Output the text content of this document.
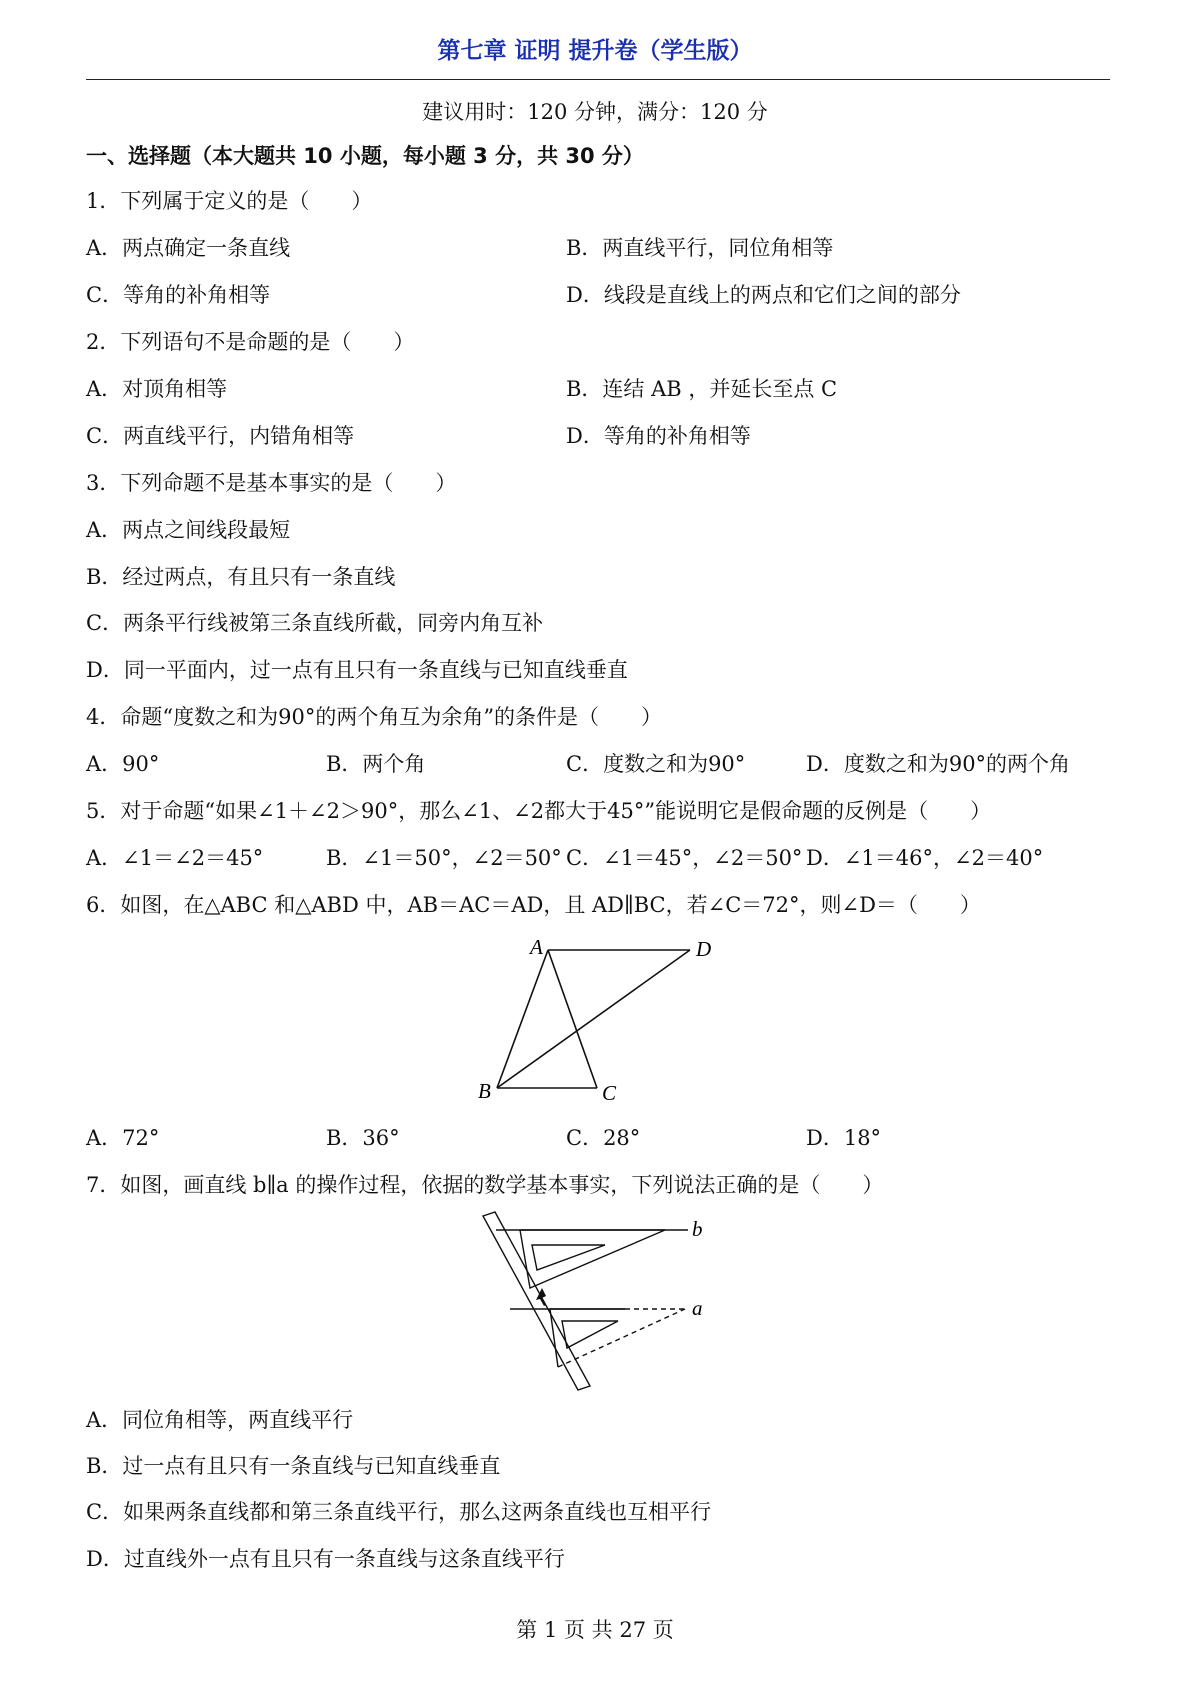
第七章 证明 提升卷（学生版）
建议用时：120 分钟，满分：120 分
一、选择题（本大题共 10 小题，每小题 3 分，共 30 分）
1．下列属于定义的是（　　）
A．两点确定一条直线	B．两直线平行，同位角相等
C．等角的补角相等	D．线段是直线上的两点和它们之间的部分
2．下列语句不是命题的是（　　）
A．对顶角相等	B．连结 AB ，并延长至点 C
C．两直线平行，内错角相等	D．等角的补角相等
3．下列命题不是基本事实的是（　　）
A．两点之间线段最短
B．经过两点，有且只有一条直线
C．两条平行线被第三条直线所截，同旁内角互补
D．同一平面内，过一点有且只有一条直线与已知直线垂直
4．命题“度数之和为90°的两个角互为余角”的条件是（　　）
A．90°	B．两个角	C．度数之和为90°	D．度数之和为90°的两个角
5．对于命题“如果∠1＋∠2＞90°，那么∠1、∠2都大于45°”能说明它是假命题的反例是（　　）
A．∠1＝∠2＝45°	B．∠1＝50°，∠2＝50° C．∠1＝45°，∠2＝50° D．∠1＝46°，∠2＝40°
6．如图，在△ABC 和△ABD 中，AB＝AC＝AD，且 AD∥BC，若∠C＝72°，则∠D＝（　　）
A	D
B	C
A．72°	B．36°	C．28°	D．18°
7．如图，画直线 b∥a 的操作过程，依据的数学基本事实，下列说法正确的是（　　）
b
a
A．同位角相等，两直线平行
B．过一点有且只有一条直线与已知直线垂直
C．如果两条直线都和第三条直线平行，那么这两条直线也互相平行
D．过直线外一点有且只有一条直线与这条直线平行
第 1 页 共 27 页
